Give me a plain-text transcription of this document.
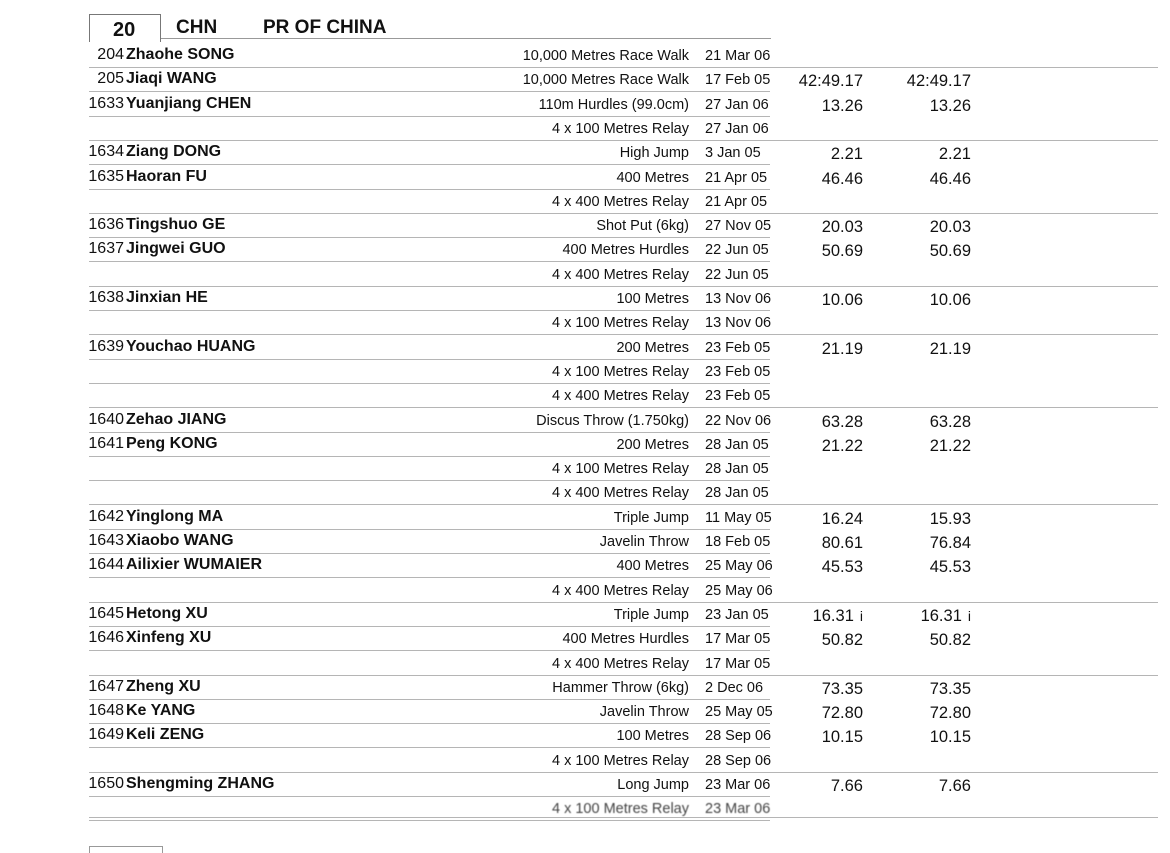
20 CHN PR OF CHINA
204 Zhaohe SONG	10,000 Metres Race Walk 21 Mar 06
205 Jiaqi WANG	10,000 Metres Race Walk 17 Feb 05 42:49.17	42:49.17
1633 Yuanjiang CHEN	110m Hurdles (99.0cm) 27 Jan 06	13.26	13.26
4 x 100 Metres Relay 27 Jan 06
1634 Ziang DONG	High Jump 3 Jan 05	2.21	2.21
1635 Haoran FU	400 Metres 21 Apr 05	46.46	46.46
4 x 400 Metres Relay 21 Apr 05
1636 Tingshuo GE	Shot Put (6kg) 27 Nov 05	20.03	20.03
1637 Jingwei GUO	400 Metres Hurdles 22 Jun 05	50.69	50.69
4 x 400 Metres Relay 22 Jun 05
1638 Jinxian HE	100 Metres 13 Nov 06	10.06	10.06
4 x 100 Metres Relay 13 Nov 06
1639 Youchao HUANG	200 Metres 23 Feb 05	21.19	21.19
4 x 100 Metres Relay 23 Feb 05
4 x 400 Metres Relay 23 Feb 05
1640 Zehao JIANG	Discus Throw (1.750kg) 22 Nov 06	63.28	63.28
1641 Peng KONG	200 Metres 28 Jan 05	21.22	21.22
4 x 100 Metres Relay 28 Jan 05
4 x 400 Metres Relay 28 Jan 05
1642 Yinglong MA	Triple Jump 11 May 05	16.24	15.93
1643 Xiaobo WANG	Javelin Throw 18 Feb 05	80.61	76.84
1644 Ailixier WUMAIER	400 Metres 25 May 06	45.53	45.53
4 x 400 Metres Relay 25 May 06
1645 Hetong XU	Triple Jump 23 Jan 05	16.31 i	16.31 i
1646 Xinfeng XU	400 Metres Hurdles 17 Mar 05	50.82	50.82
4 x 400 Metres Relay 17 Mar 05
1647 Zheng XU	Hammer Throw (6kg) 2 Dec 06	73.35	73.35
1648 Ke YANG	Javelin Throw 25 May 05	72.80	72.80
1649 Keli ZENG	100 Metres 28 Sep 06	10.15	10.15
4 x 100 Metres Relay 28 Sep 06
1650 Shengming ZHANG	Long Jump 23 Mar 06	7.66	7.66
4 x 100 Metres Relay 23 Mar 06
